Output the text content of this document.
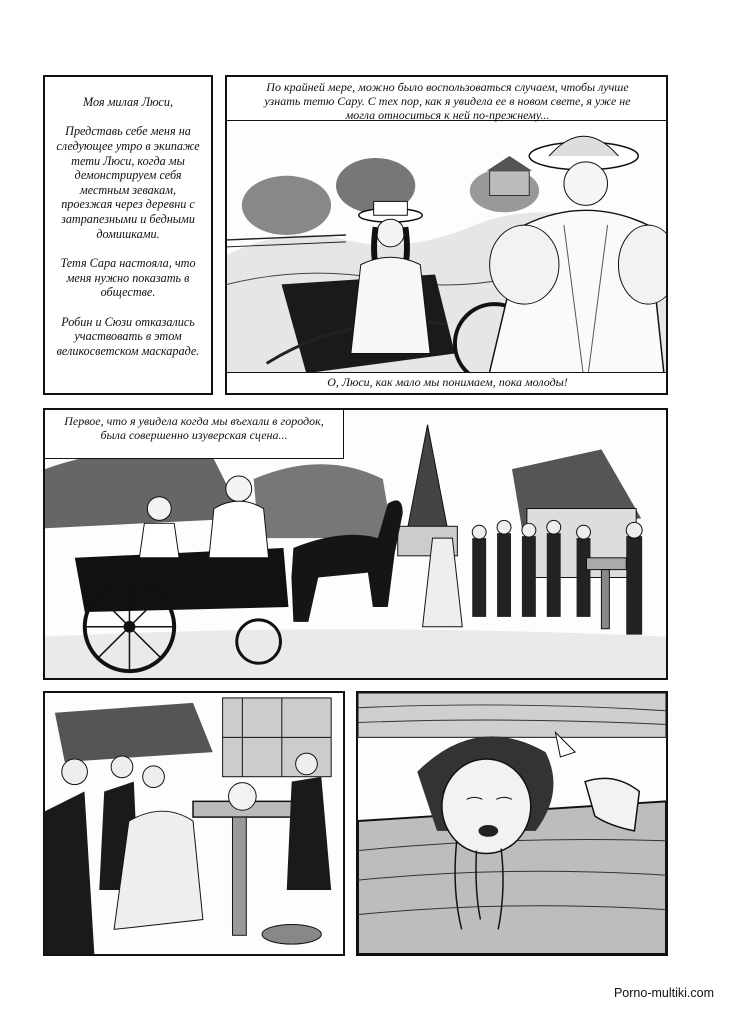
Моя милая Люси,

Представь себе меня на следующее утро в экипаже тети Люси, когда мы демонстрируем себя местным зевакам, проезжая через деревни с затрапезными и бедными домишками.

Тетя Сара настояла, что меня нужно показать в обществе.

Робин и Сюзи отказались участвовать в этом великосветском маскараде.
По крайней мере, можно было воспользоваться случаем, чтобы лучше узнать тетю Сару. С тех пор, как я увидела ее в новом свете, я уже не могла относиться к ней по-прежнему...
О, Люси, как мало мы понимаем, пока молоды!
Первое, что я увидела когда мы въехали в городок, была совершенно изуверская сцена...
Porno-multiki.com
